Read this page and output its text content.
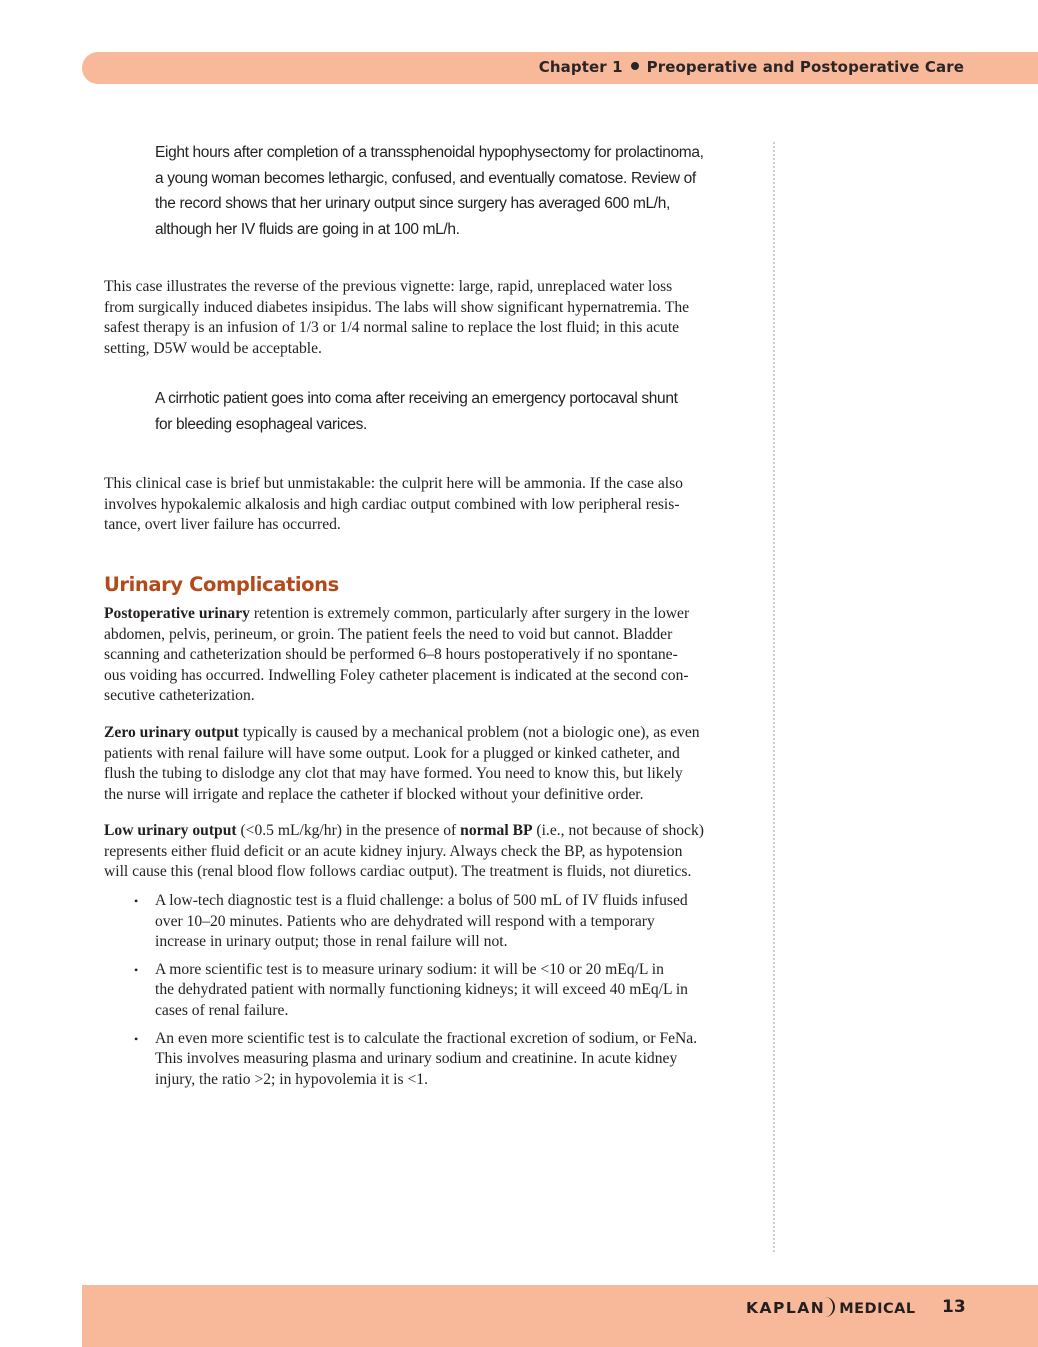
Chapter 1 Preoperative and Postoperative Care
Eight hours after completion of a transsphenoidal hypophysectomy for prolactinoma,
a young woman becomes lethargic, confused, and eventually comatose. Review of
the record shows that her urinary output since surgery has averaged 600 mL/h,
although her IV fluids are going in at 100 mL/h.
This case illustrates the reverse of the previous vignette: large, rapid, unreplaced water loss
from surgically induced diabetes insipidus. The labs will show significant hypernatremia. The
safest therapy is an infusion of 1/3 or 1/4 normal saline to replace the lost fluid; in this acute
setting, D5W would be acceptable.
A cirrhotic patient goes into coma after receiving an emergency portocaval shunt
for bleeding esophageal varices.
This clinical case is brief but unmistakable: the culprit here will be ammonia. If the case also
involves hypokalemic alkalosis and high cardiac output combined with low peripheral resis-
tance, overt liver failure has occurred.
Urinary Complications
Postoperative urinary retention is extremely common, particularly after surgery in the lower
abdomen, pelvis, perineum, or groin. The patient feels the need to void but cannot. Bladder
scanning and catheterization should be performed 6–8 hours postoperatively if no spontane-
ous voiding has occurred. Indwelling Foley catheter placement is indicated at the second con-
secutive catheterization.
Zero urinary output typically is caused by a mechanical problem (not a biologic one), as even
patients with renal failure will have some output. Look for a plugged or kinked catheter, and
flush the tubing to dislodge any clot that may have formed. You need to know this, but likely
the nurse will irrigate and replace the catheter if blocked without your definitive order.
Low urinary output (<0.5 mL/kg/hr) in the presence of normal BP (i.e., not because of shock)
represents either fluid deficit or an acute kidney injury. Always check the BP, as hypotension
will cause this (renal blood flow follows cardiac output). The treatment is fluids, not diuretics.
• A low-tech diagnostic test is a fluid challenge: a bolus of 500 mL of IV fluids infused
over 10–20 minutes. Patients who are dehydrated will respond with a temporary
increase in urinary output; those in renal failure will not.
• A more scientific test is to measure urinary sodium: it will be <10 or 20 mEq/L in
the dehydrated patient with normally functioning kidneys; it will exceed 40 mEq/L in
cases of renal failure.
• An even more scientific test is to calculate the fractional excretion of sodium, or FeNa.
This involves measuring plasma and urinary sodium and creatinine. In acute kidney
injury, the ratio >2; in hypovolemia it is <1.
KAPLAN MEDICAL 13
